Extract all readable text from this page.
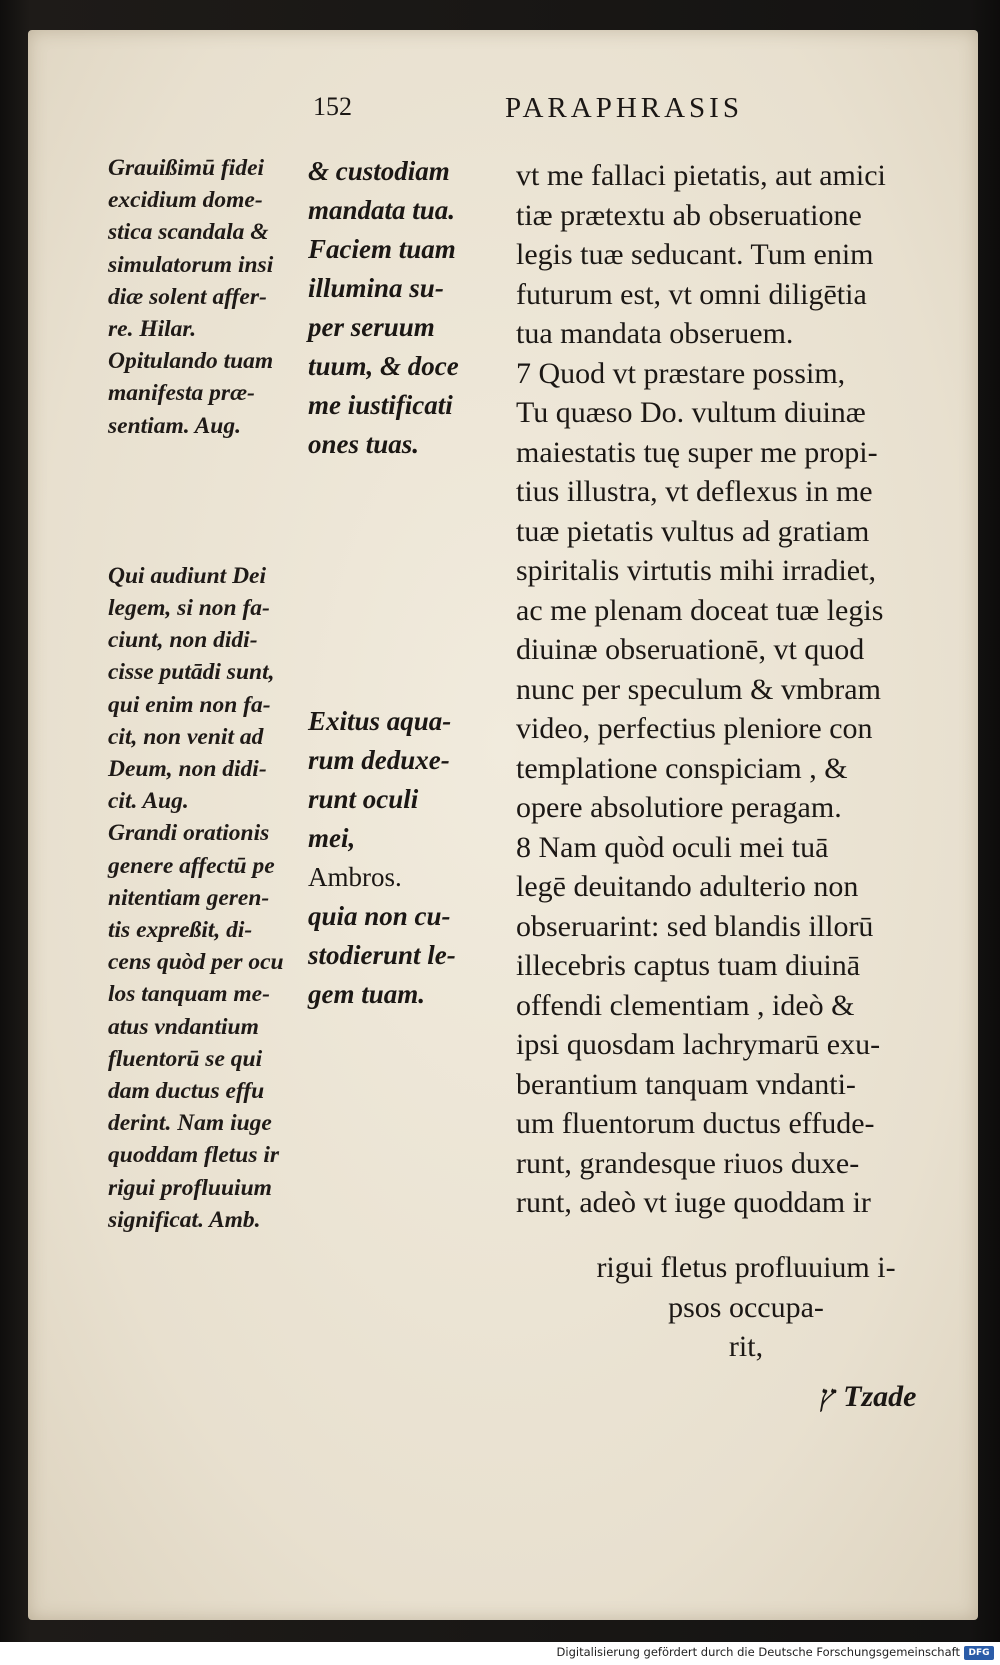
152	PARAPHRASIS

Grauißimū fidei
excidium dome-
stica scandala &
simulatorum insi
diæ solent affer-
re. Hilar.

Opitulando tuam
manifesta præ-
sentiam. Aug.

Qui audiunt Dei
legem, si non fa-
ciunt, non didi-
cisse putādi sunt,
qui enim non fa-
cit, non venit ad
Deum, non didi-
cit. Aug.

Grandi orationis
genere affectū pe
nitentiam geren-
tis expreßit, di-
cens quòd per ocu
los tanquam me-
atus vndantium
fluentorū se qui
dam ductus effu
derint. Nam iuge
quoddam fletus ir
rigui profluuium
significat. Amb.

& custodiam
mandata tua.

Faciem tuam
illumina su-
per seruum
tuum, & doce
me iustificati
ones tuas.

Exitus aqua-
rum deduxe-
runt oculi
mei,

Ambros.

quia non cu-
stodierunt le-
gem tuam.

vt me fallaci pietatis, aut amici
tiæ prætextu ab obseruatione
legis tuæ seducant. Tum enim
futurum est, vt omni diligētia
tua mandata obseruem.
7 Quod vt præstare possim,
Tu quæso Do. vultum diuinæ
maiestatis tuę super me propi-
tius illustra, vt deflexus in me
tuæ pietatis vultus ad gratiam
spiritalis virtutis mihi irradiet,
ac me plenam doceat tuæ legis
diuinæ obseruationē, vt quod
nunc per speculum & vmbram
video, perfectius pleniore con
templatione conspiciam , &
opere absolutiore peragam.
8 Nam quòd oculi mei tuā
legē deuitando adulterio non
obseruarint: sed blandis illorū
illecebris captus tuam diuinā
offendi clementiam , ideò &
ipsi quosdam lachrymarū exu-
berantium tanquam vndanti-
um fluentorum ductus effude-
runt, grandesque riuos duxe-
runt, adeò vt iuge quoddam ir

rigui fletus profluuium i-
psos occupa-
rit,

ץ Tzade
Digitalisierung gefördert durch die Deutsche Forschungsgemeinschaft DFG
